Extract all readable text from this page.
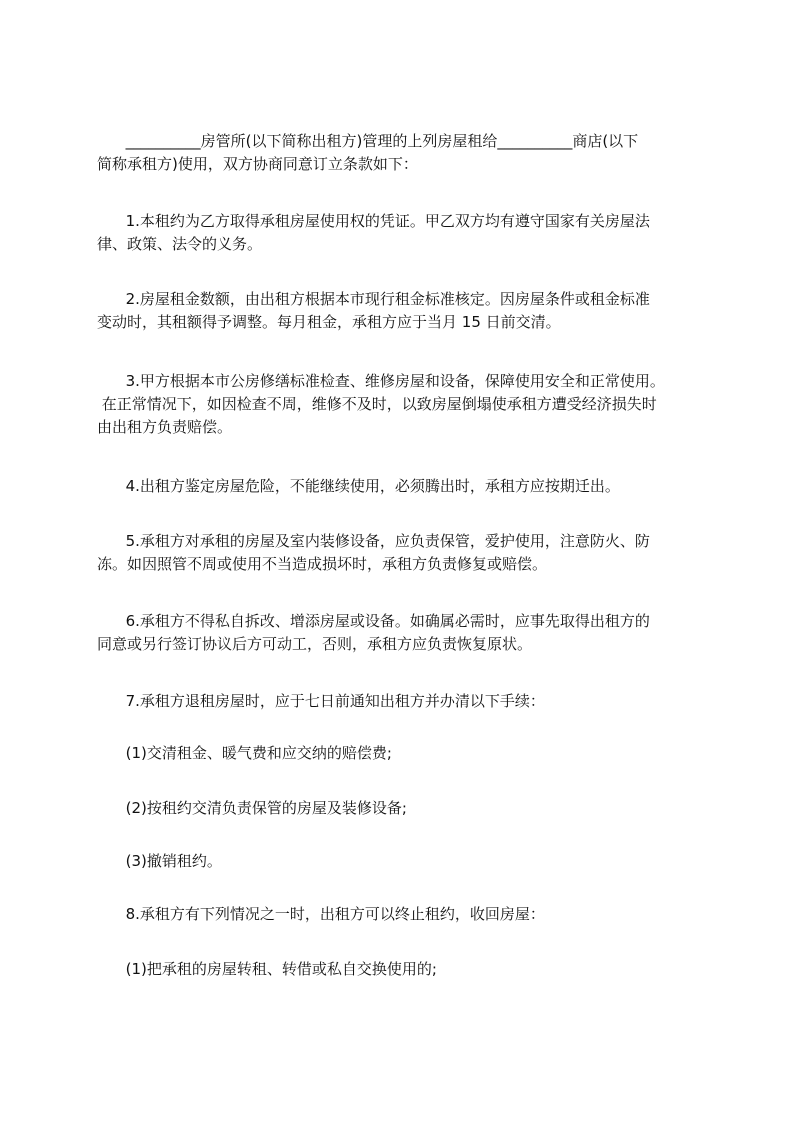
__________房管所(以下简称出租方)管理的上列房屋租给__________商店(以下
简称承租方)使用，双方协商同意订立条款如下：

1.本租约为乙方取得承租房屋使用权的凭证。甲乙双方均有遵守国家有关房屋法
律、政策、法令的义务。

2.房屋租金数额，由出租方根据本市现行租金标准核定。因房屋条件或租金标准
变动时，其租额得予调整。每月租金，承租方应于当月 15 日前交清。

3.甲方根据本市公房修缮标准检查、维修房屋和设备，保障使用安全和正常使用。
在正常情况下，如因检查不周，维修不及时，以致房屋倒塌使承租方遭受经济损失时
由出租方负责赔偿。

4.出租方鉴定房屋危险，不能继续使用，必须腾出时，承租方应按期迁出。

5.承租方对承租的房屋及室内装修设备，应负责保管，爱护使用，注意防火、防
冻。如因照管不周或使用不当造成损坏时，承租方负责修复或赔偿。

6.承租方不得私自拆改、增添房屋或设备。如确属必需时，应事先取得出租方的
同意或另行签订协议后方可动工，否则，承租方应负责恢复原状。

7.承租方退租房屋时，应于七日前通知出租方并办清以下手续：

(1)交清租金、暖气费和应交纳的赔偿费;

(2)按租约交清负责保管的房屋及装修设备;

(3)撤销租约。

8.承租方有下列情况之一时，出租方可以终止租约，收回房屋：

(1)把承租的房屋转租、转借或私自交换使用的;
